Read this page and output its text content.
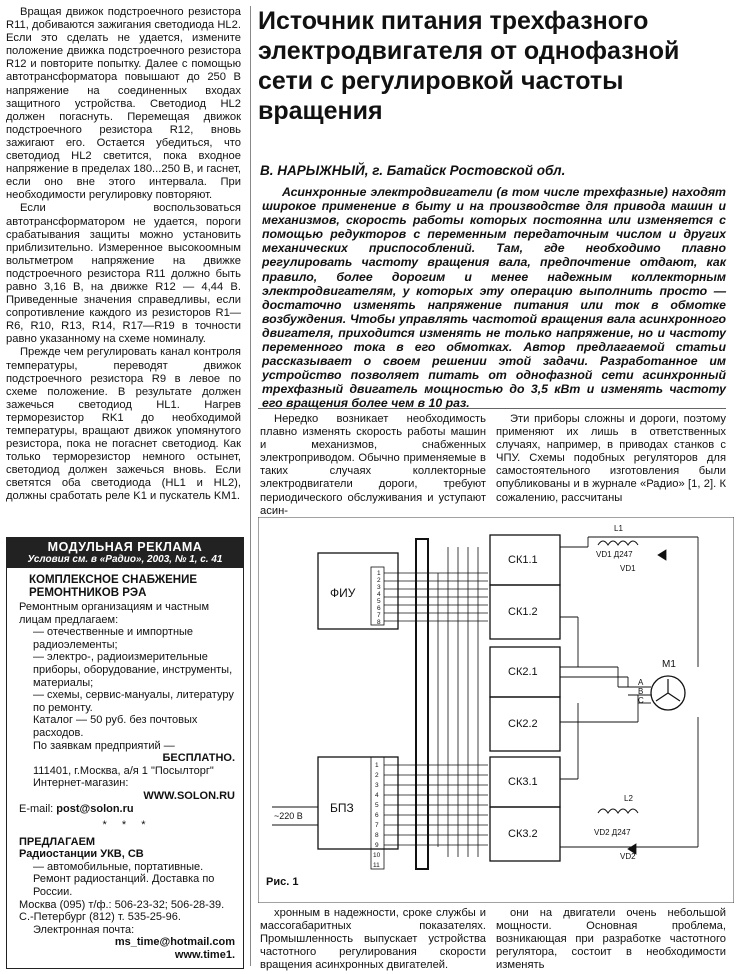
Вращая движок подстроечного резистора R11, добиваются зажигания светодиода HL2. Если это сделать не удается, измените положение движка подстроечного резистора R12 и повторите попытку. Далее с помощью автотрансформатора повышают до 250 В напряжение на соединенных входах защитного устройства. Светодиод HL2 должен погаснуть. Перемещая движок подстроечного резистора R12, вновь зажигают его. Остается убедиться, что светодиод HL2 светится, пока входное напряжение в пределах 180...250 В, и гаснет, если оно вне этого интервала. При необходимости регулировку повторяют.

Если воспользоваться автотрансформатором не удается, пороги срабатывания защиты можно установить приблизительно. Измеренное высокоомным вольтметром напряжение на движке подстроечного резистора R11 должно быть равно 3,16 В, на движке R12 — 4,44 В. Приведенные значения справедливы, если сопротивление каждого из резисторов R1—R6, R10, R13, R14, R17—R19 в точности равно указанному на схеме номиналу.

Прежде чем регулировать канал контроля температуры, переводят движок подстроечного резистора R9 в левое по схеме положение. В результате должен зажечься светодиод HL1. Нагрев терморезистор RK1 до необходимой температуры, вращают движок упомянутого резистора, пока не погаснет светодиод. Как только терморезистор немного остынет, светодиод должен зажечься вновь. Если светятся оба светодиода (HL1 и HL2), должны сработать реле K1 и пускатель KM1.

МОДУЛЬНАЯ РЕКЛАМА
Условия см. в «Радио», 2003, № 1, с. 41
КОМПЛЕКСНОЕ СНАБЖЕНИЕ РЕМОНТНИКОВ РЭА
Ремонтным организациям и частным лицам предлагаем:
— отечественные и импортные радиоэлементы;
— электро-, радиоизмерительные приборы, оборудование, инструменты, материалы;
— схемы, сервис-мануалы, литературу по ремонту.
Каталог — 50 руб. без почтовых расходов.
По заявкам предприятий —
БЕСПЛАТНО.
111401, г.Москва, а/я 1 "Посылторг"
Интернет-магазин:
WWW.SOLON.RU
E-mail: post@solon.ru
* * *
ПРЕДЛАГАЕМ
Радиостанции УКВ, СВ
— автомобильные, портативные.
Ремонт радиостанций. Доставка по России.
Москва (095) т/ф.: 506-23-32; 506-28-39.
С.-Петербург (812) т. 535-25-96.
Электронная почта:
ms_time@hotmail.com
www.time1.
Источник питания трехфазного электродвигателя от однофазной сети с регулировкой частоты вращения
В. НАРЫЖНЫЙ, г. Батайск Ростовской обл.
Асинхронные электродвигатели (в том числе трехфазные) находят широкое применение в быту и на производстве для привода машин и механизмов, скорость работы которых постоянна или изменяется с помощью редукторов с переменным передаточным числом и других механических приспособлений. Там, где необходимо плавно регулировать частоту вращения вала, предпочтение отдают, как правило, более дорогим и менее надежным коллекторным электродвигателям, у которых эту операцию выполнить просто — достаточно изменять напряжение питания или ток в обмотке возбуждения. Чтобы управлять частотой вращения вала асинхронного двигателя, приходится изменять не только напряжение, но и частоту переменного тока в его обмотках. Автор предлагаемой статьи рассказывает о своем решении этой задачи. Разработанное им устройство позволяет питать от однофазной сети асинхронный трехфазный двигатель мощностью до 3,5 кВт и изменять частоту его вращения более чем в 10 раз.

Нередко возникает необходимость плавно изменять скорость работы машин и механизмов, снабженных электроприводом. Обычно применяемые в таких случаях коллекторные электродвигатели дороги, требуют периодического обслуживания и уступают асин-

Эти приборы сложны и дороги, поэтому применяют их лишь в ответственных случаях, например, в приводах станков с ЧПУ. Схемы подобных регуляторов для самостоятельного изготовления были опубликованы и в журнале «Радио» [1, 2]. К сожалению, рассчитаны

ФИУ
БПЗ
1
2
3
4
5
6
7
8
1
2
3
4
5
6
7
8
9
10
11
~220 В
СК1.1
СК1.2
СК2.1
СК2.2
СК3.1
СК3.2
M1
A
B
C
L1
VD1 Д247
VD1
L2
VD2 Д247
VD2
Рис. 1

хронным в надежности, сроке службы и массогабаритных показателях. Промышленность выпускает устройства частотного регулирования скорости вращения асинхронных двигателей.

они на двигатели очень небольшой мощности. Основная проблема, возникающая при разработке частотного регулятора, состоит в необходимости изменять
